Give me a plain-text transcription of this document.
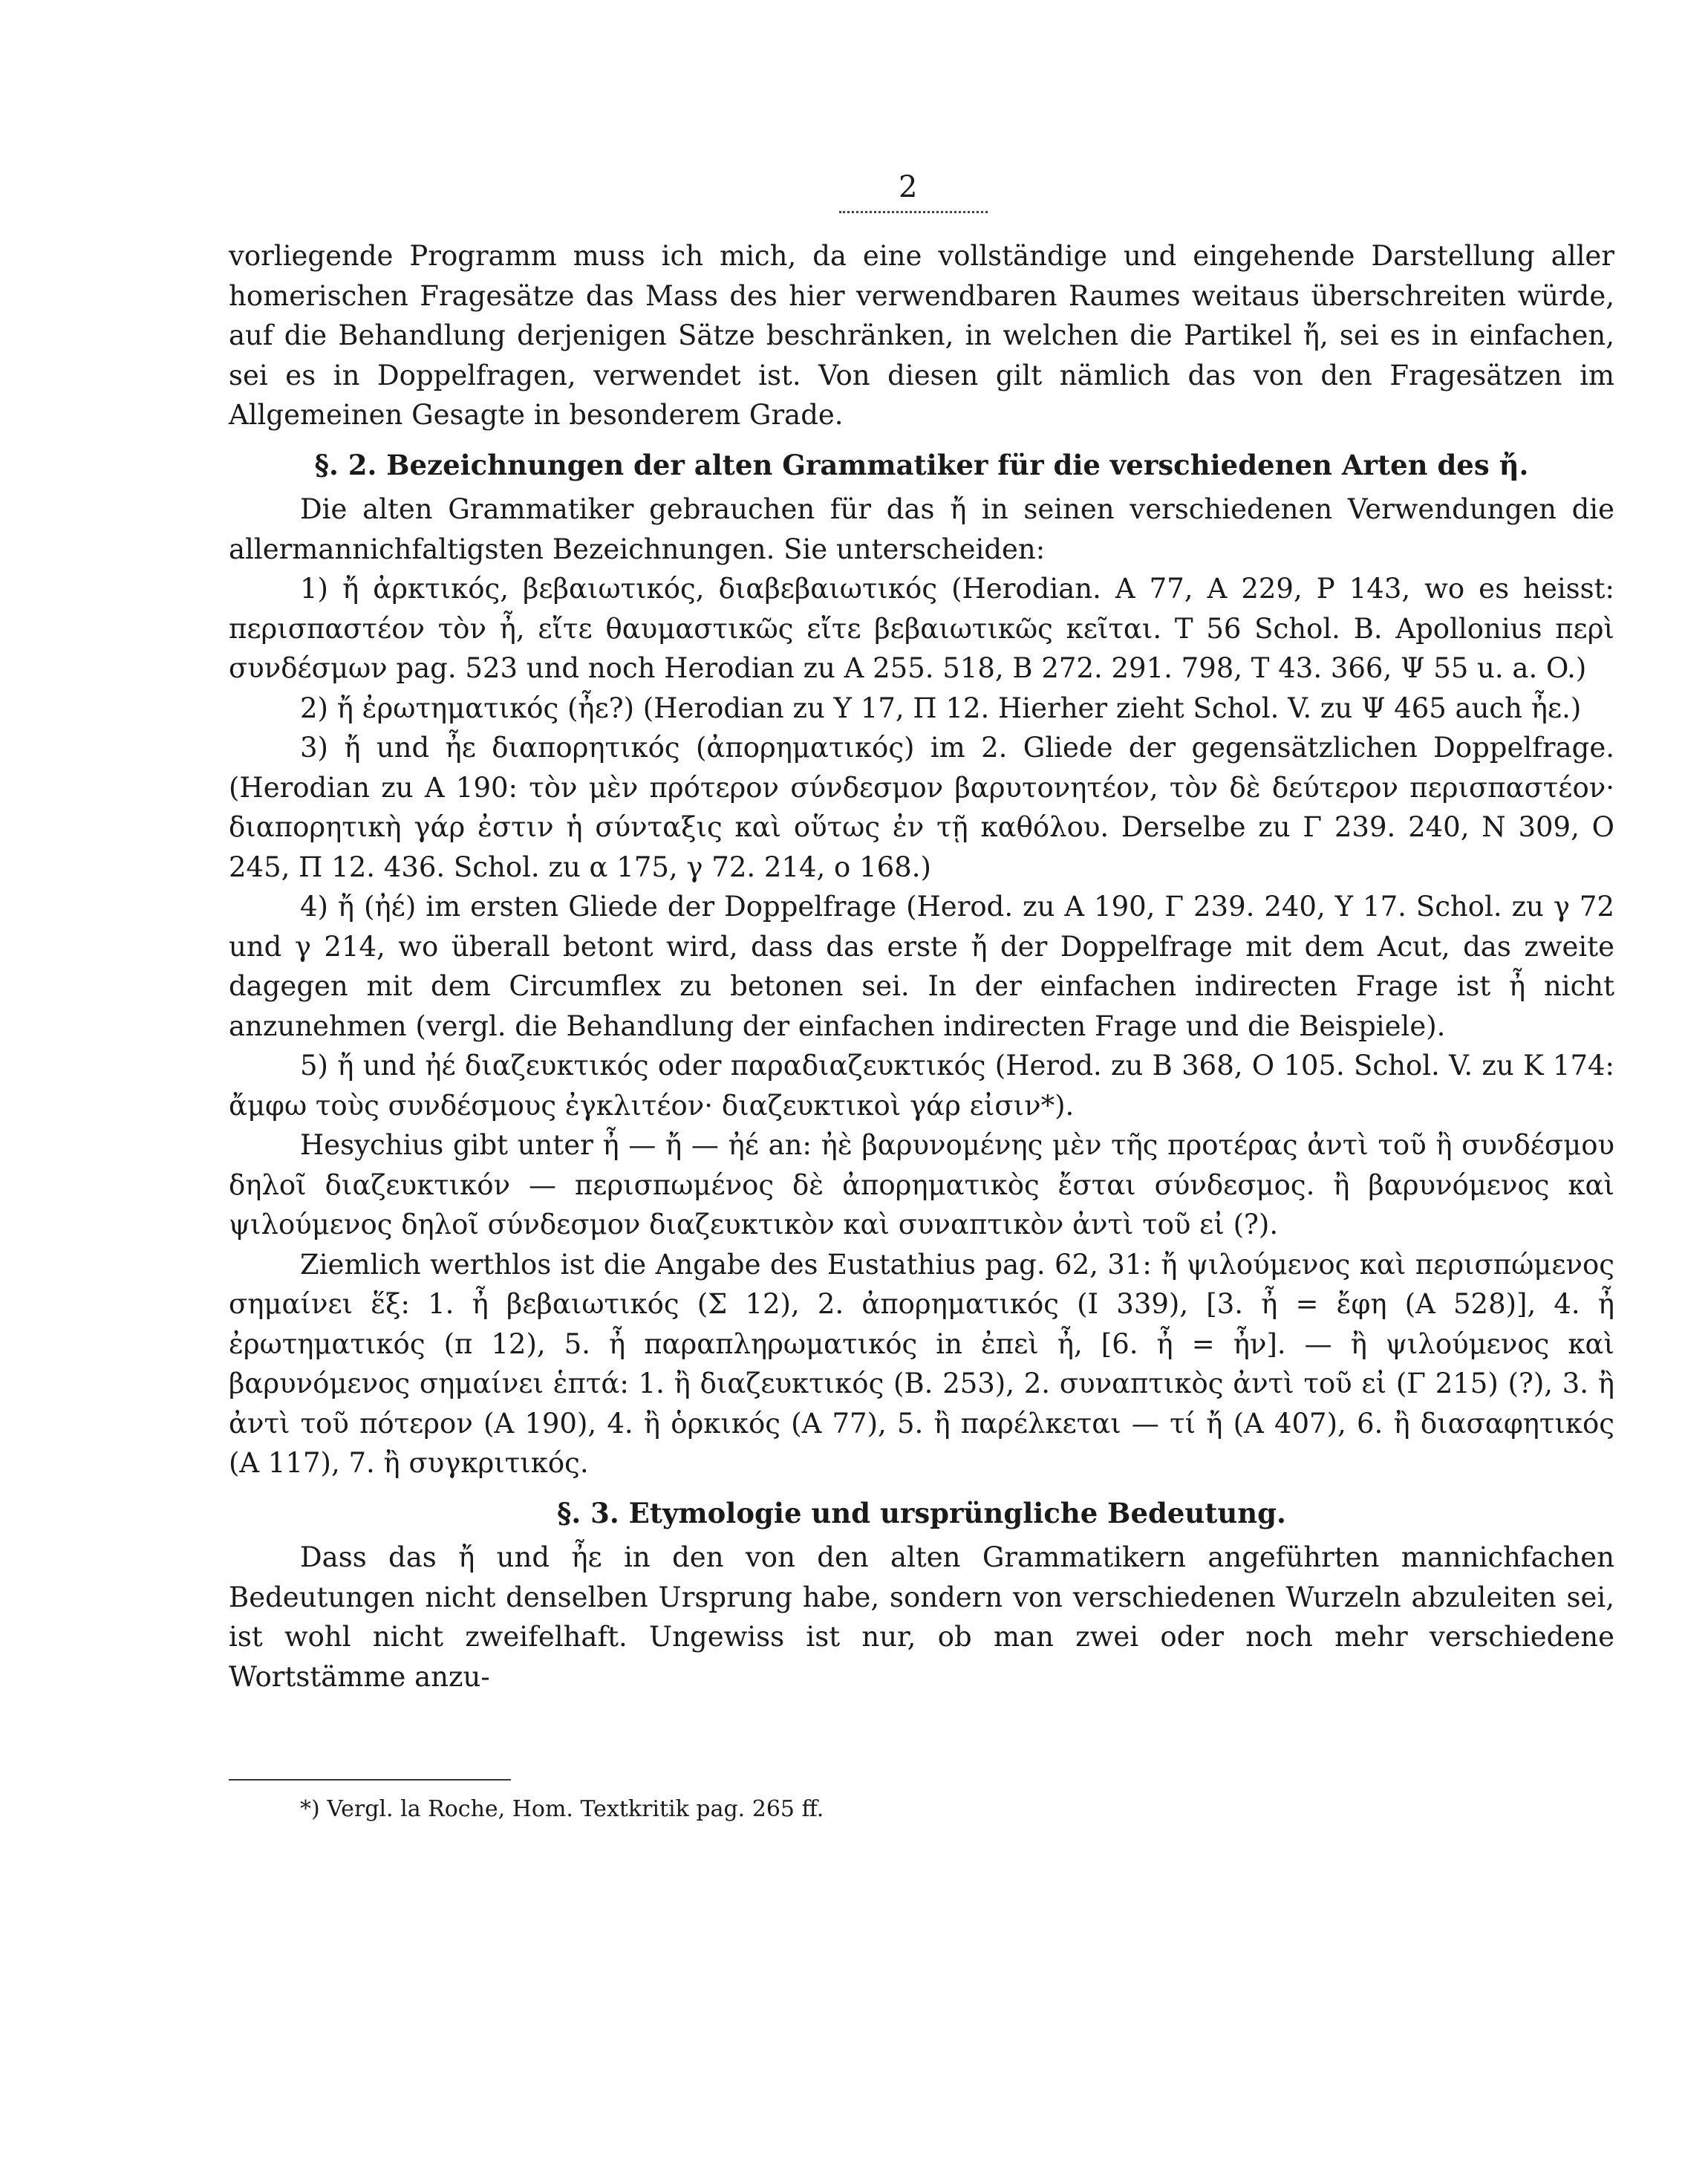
2

vorliegende Programm muss ich mich, da eine vollständige und eingehende Darstellung aller homerischen Fragesätze das Mass des hier verwendbaren Raumes weitaus überschreiten würde, auf die Behandlung derjenigen Sätze beschränken, in welchen die Partikel ἤ, sei es in einfachen, sei es in Doppelfragen, verwendet ist. Von diesen gilt nämlich das von den Fragesätzen im Allgemeinen Gesagte in besonderem Grade.

§. 2. Bezeichnungen der alten Grammatiker für die verschiedenen Arten des ἤ.

Die alten Grammatiker gebrauchen für das ἤ in seinen verschiedenen Verwendungen die allermannichfaltigsten Bezeichnungen. Sie unterscheiden:

1) ἤ ἀρκτικός, βεβαιωτικός, διαβεβαιωτικός (Herodian. Α 77, Α 229, Ρ 143, wo es heisst: περισπαστέον τὸν ἦ, εἴτε θαυμαστικῶς εἴτε βεβαιωτικῶς κεῖται. Τ 56 Schol. B. Apollonius περὶ συνδέσμων pag. 523 und noch Herodian zu Α 255. 518, Β 272. 291. 798, Τ 43. 366, Ψ 55 u. a. O.)

2) ἤ ἐρωτηματικός (ἦε?) (Herodian zu Υ 17, Π 12. Hierher zieht Schol. V. zu Ψ 465 auch ἦε.)

3) ἤ und ἦε διαπορητικός (ἀπορηματικός) im 2. Gliede der gegensätzlichen Doppelfrage. (Herodian zu Α 190: τὸν μὲν πρότερον σύνδεσμον βαρυτονητέον, τὸν δὲ δεύτερον περισπαστέον· διαπορητικὴ γάρ ἐστιν ἡ σύνταξις καὶ οὕτως ἐν τῇ καθόλου. Derselbe zu Γ 239. 240, Ν 309, Ο 245, Π 12. 436. Schol. zu α 175, γ 72. 214, ο 168.)

4) ἤ (ἠέ) im ersten Gliede der Doppelfrage (Herod. zu Α 190, Γ 239. 240, Υ 17. Schol. zu γ 72 und γ 214, wo überall betont wird, dass das erste ἤ der Doppelfrage mit dem Acut, das zweite dagegen mit dem Circumflex zu betonen sei. In der einfachen indirecten Frage ist ἦ nicht anzunehmen (vergl. die Behandlung der einfachen indirecten Frage und die Beispiele).

5) ἤ und ἠέ διαζευκτικός oder παραδιαζευκτικός (Herod. zu Β 368, Ο 105. Schol. V. zu Κ 174: ἄμφω τοὺς συνδέσμους ἐγκλιτέον· διαζευκτικοὶ γάρ εἰσιν*).

Hesychius gibt unter ἦ — ἤ — ἠέ an: ἠὲ βαρυνομένης μὲν τῆς προτέρας ἀντὶ τοῦ ἢ συνδέσμου δηλοῖ διαζευκτικόν — περισπωμένος δὲ ἀπορηματικὸς ἔσται σύνδεσμος. ἢ βαρυνόμενος καὶ ψιλούμενος δηλοῖ σύνδεσμον διαζευκτικὸν καὶ συναπτικὸν ἀντὶ τοῦ εἰ (?).

Ziemlich werthlos ist die Angabe des Eustathius pag. 62, 31: ἤ ψιλούμενος καὶ περισπώμενος σημαίνει ἕξ: 1. ἦ βεβαιωτικός (Σ 12), 2. ἀπορηματικός (Ι 339), [3. ἦ = ἔφη (Α 528)], 4. ἦ ἐρωτηματικός (π 12), 5. ἦ παραπληρωματικός in ἐπεὶ ἦ, [6. ἦ = ἦν]. — ἢ ψιλούμενος καὶ βαρυνόμενος σημαίνει ἑπτά: 1. ἢ διαζευκτικός (B. 253), 2. συναπτικὸς ἀντὶ τοῦ εἰ (Γ 215) (?), 3. ἢ ἀντὶ τοῦ πότερον (Α 190), 4. ἢ ὁρκικός (Α 77), 5. ἢ παρέλκεται — τί ἤ (Α 407), 6. ἢ διασαφητικός (Α 117), 7. ἢ συγκριτικός.

§. 3. Etymologie und ursprüngliche Bedeutung.

Dass das ἤ und ἦε in den von den alten Grammatikern angeführten mannichfachen Bedeutungen nicht denselben Ursprung habe, sondern von verschiedenen Wurzeln abzuleiten sei, ist wohl nicht zweifelhaft. Ungewiss ist nur, ob man zwei oder noch mehr verschiedene Wortstämme anzu-

*) Vergl. la Roche, Hom. Textkritik pag. 265 ff.
